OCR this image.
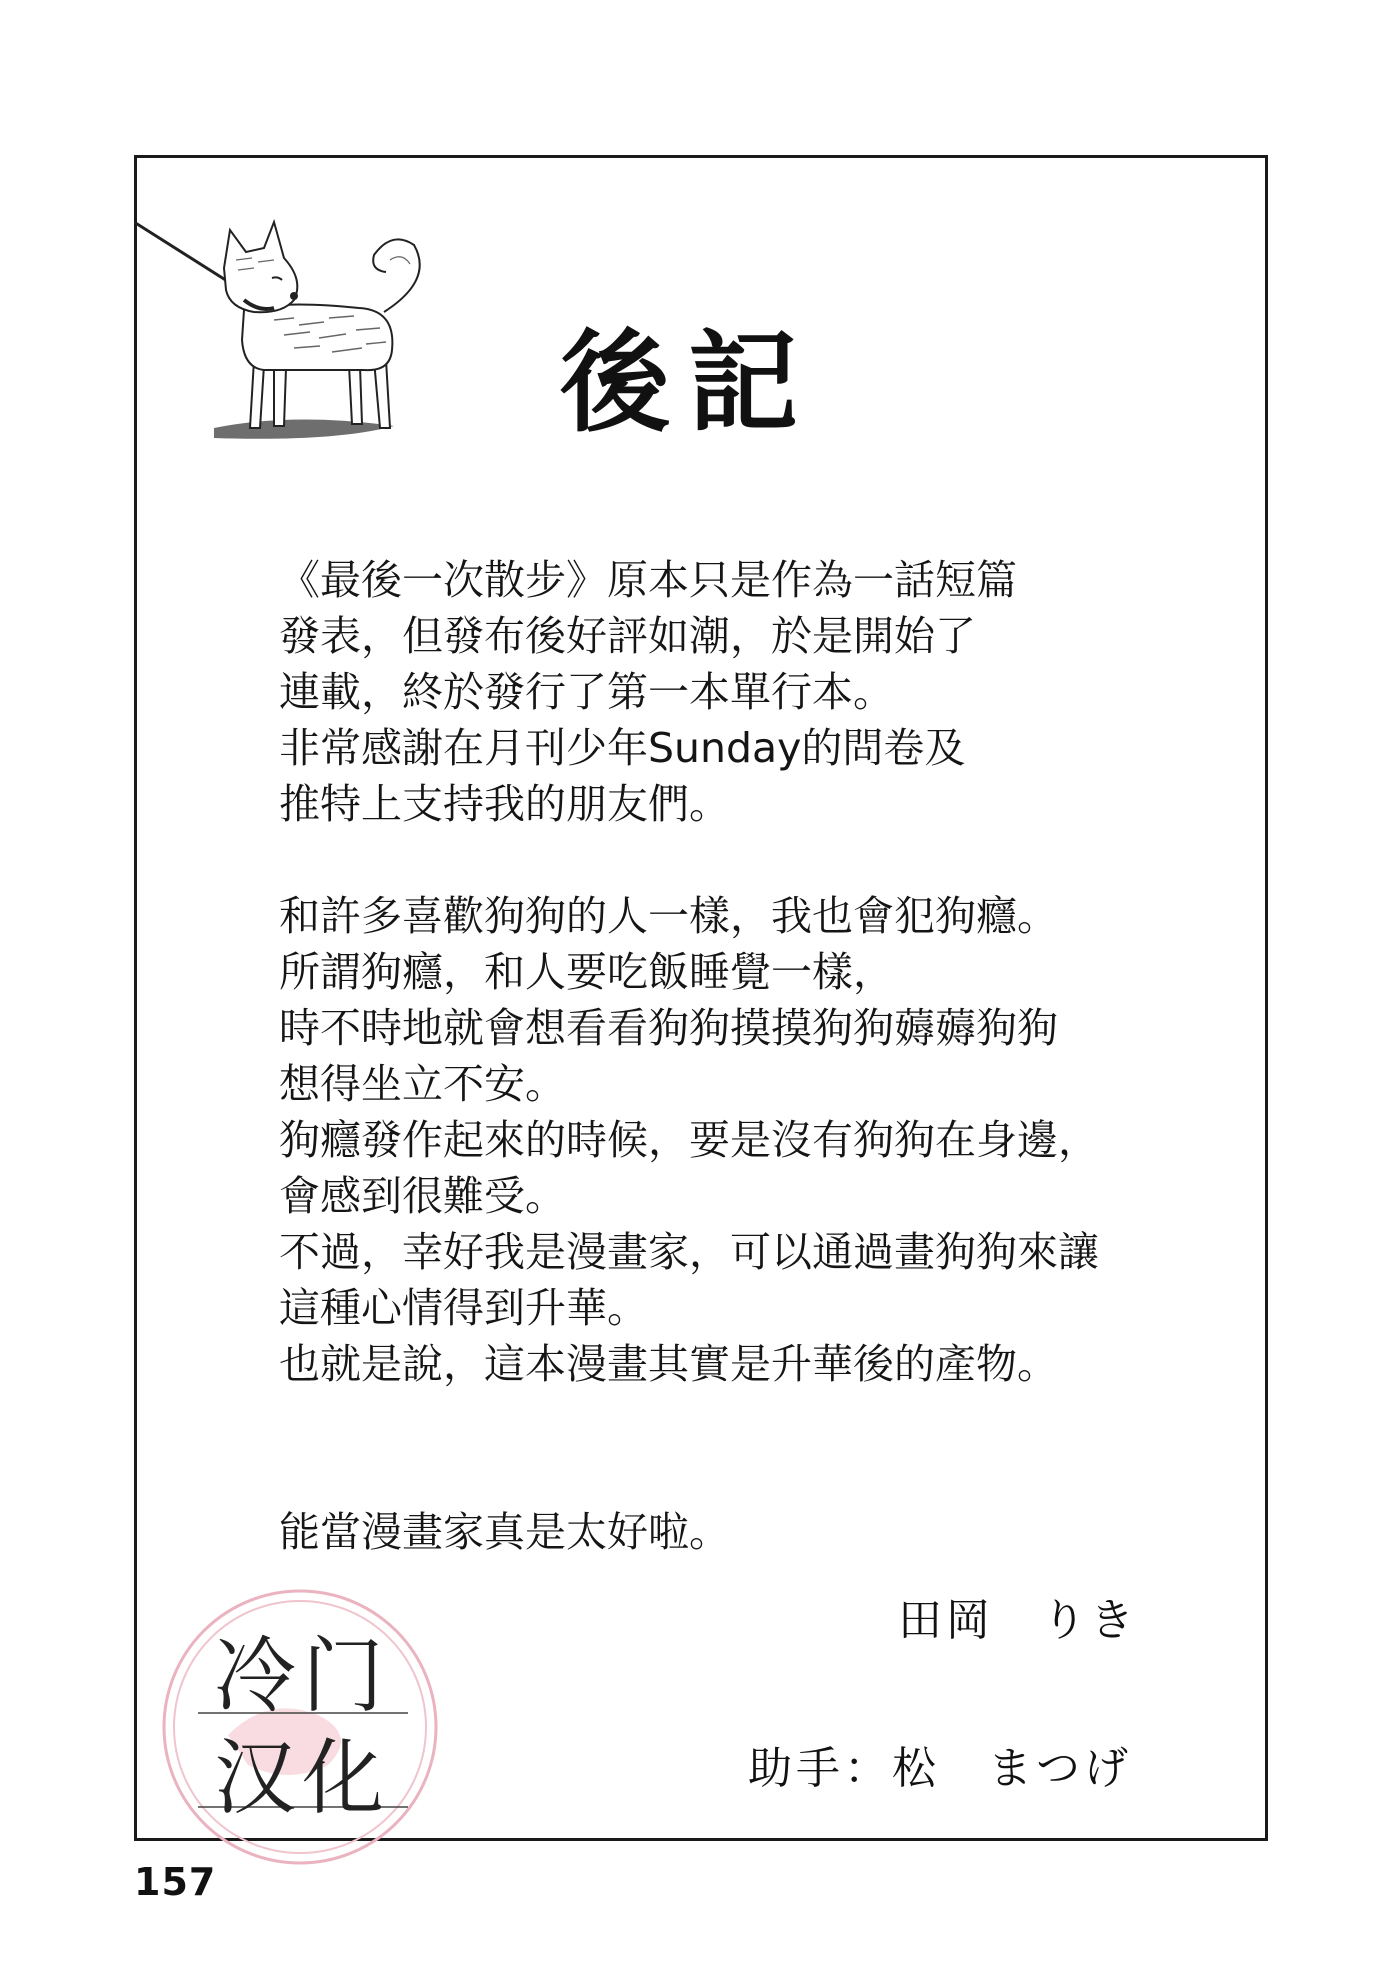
後記
《最後一次散步》原本只是作為一話短篇
發表，但發布後好評如潮，於是開始了
連載，終於發行了第一本單行本。
非常感謝在月刊少年Sunday的問卷及
推特上支持我的朋友們。
和許多喜歡狗狗的人一樣，我也會犯狗癮。
所謂狗癮，和人要吃飯睡覺一樣，
時不時地就會想看看狗狗摸摸狗狗薅薅狗狗
想得坐立不安。
狗癮發作起來的時候，要是沒有狗狗在身邊，
會感到很難受。
不過，幸好我是漫畫家，可以通過畫狗狗來讓
這種心情得到升華。
也就是說，這本漫畫其實是升華後的產物。
能當漫畫家真是太好啦。
田岡　りき
冷门
汉化	助手：松　まつげ
157
